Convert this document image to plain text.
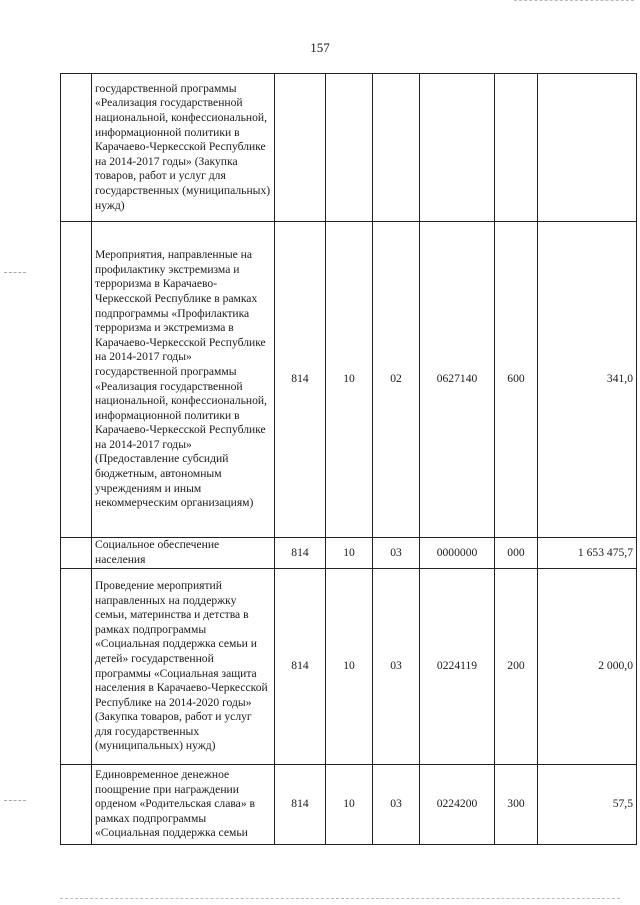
157
	государственной программы «Реализация государственной национальной, конфессиональной, информационной политики в Карачаево-Черкесской Республике на 2014-2017 годы» (Закупка товаров, работ и услуг для государственных (муниципальных) нужд)						
	Мероприятия, направленные на профилактику экстремизма и терроризма в Карачаево-Черкесской Республике в рамках подпрограммы «Профилактика терроризма и экстремизма в Карачаево-Черкесской Республике на 2014-2017 годы» государственной программы «Реализация государственной национальной, конфессиональной, информационной политики в Карачаево-Черкесской Республике на 2014-2017 годы» (Предоставление субсидий бюджетным, автономным учреждениям и иным некоммерческим организациям)	814	10	02	0627140	600	341,0
	Социальное обеспечение населения	814	10	03	0000000	000	1 653 475,7
	Проведение мероприятий направленных на поддержку семьи, материнства и детства в рамках подпрограммы «Социальная поддержка семьи и детей» государственной программы «Социальная защита населения в Карачаево-Черкесской Республике на 2014-2020 годы» (Закупка товаров, работ и услуг для государственных (муниципальных) нужд)	814	10	03	0224119	200	2 000,0
	Единовременное денежное поощрение при награждении орденом «Родительская слава» в рамках подпрограммы «Социальная поддержка семьи	814	10	03	0224200	300	57,5
